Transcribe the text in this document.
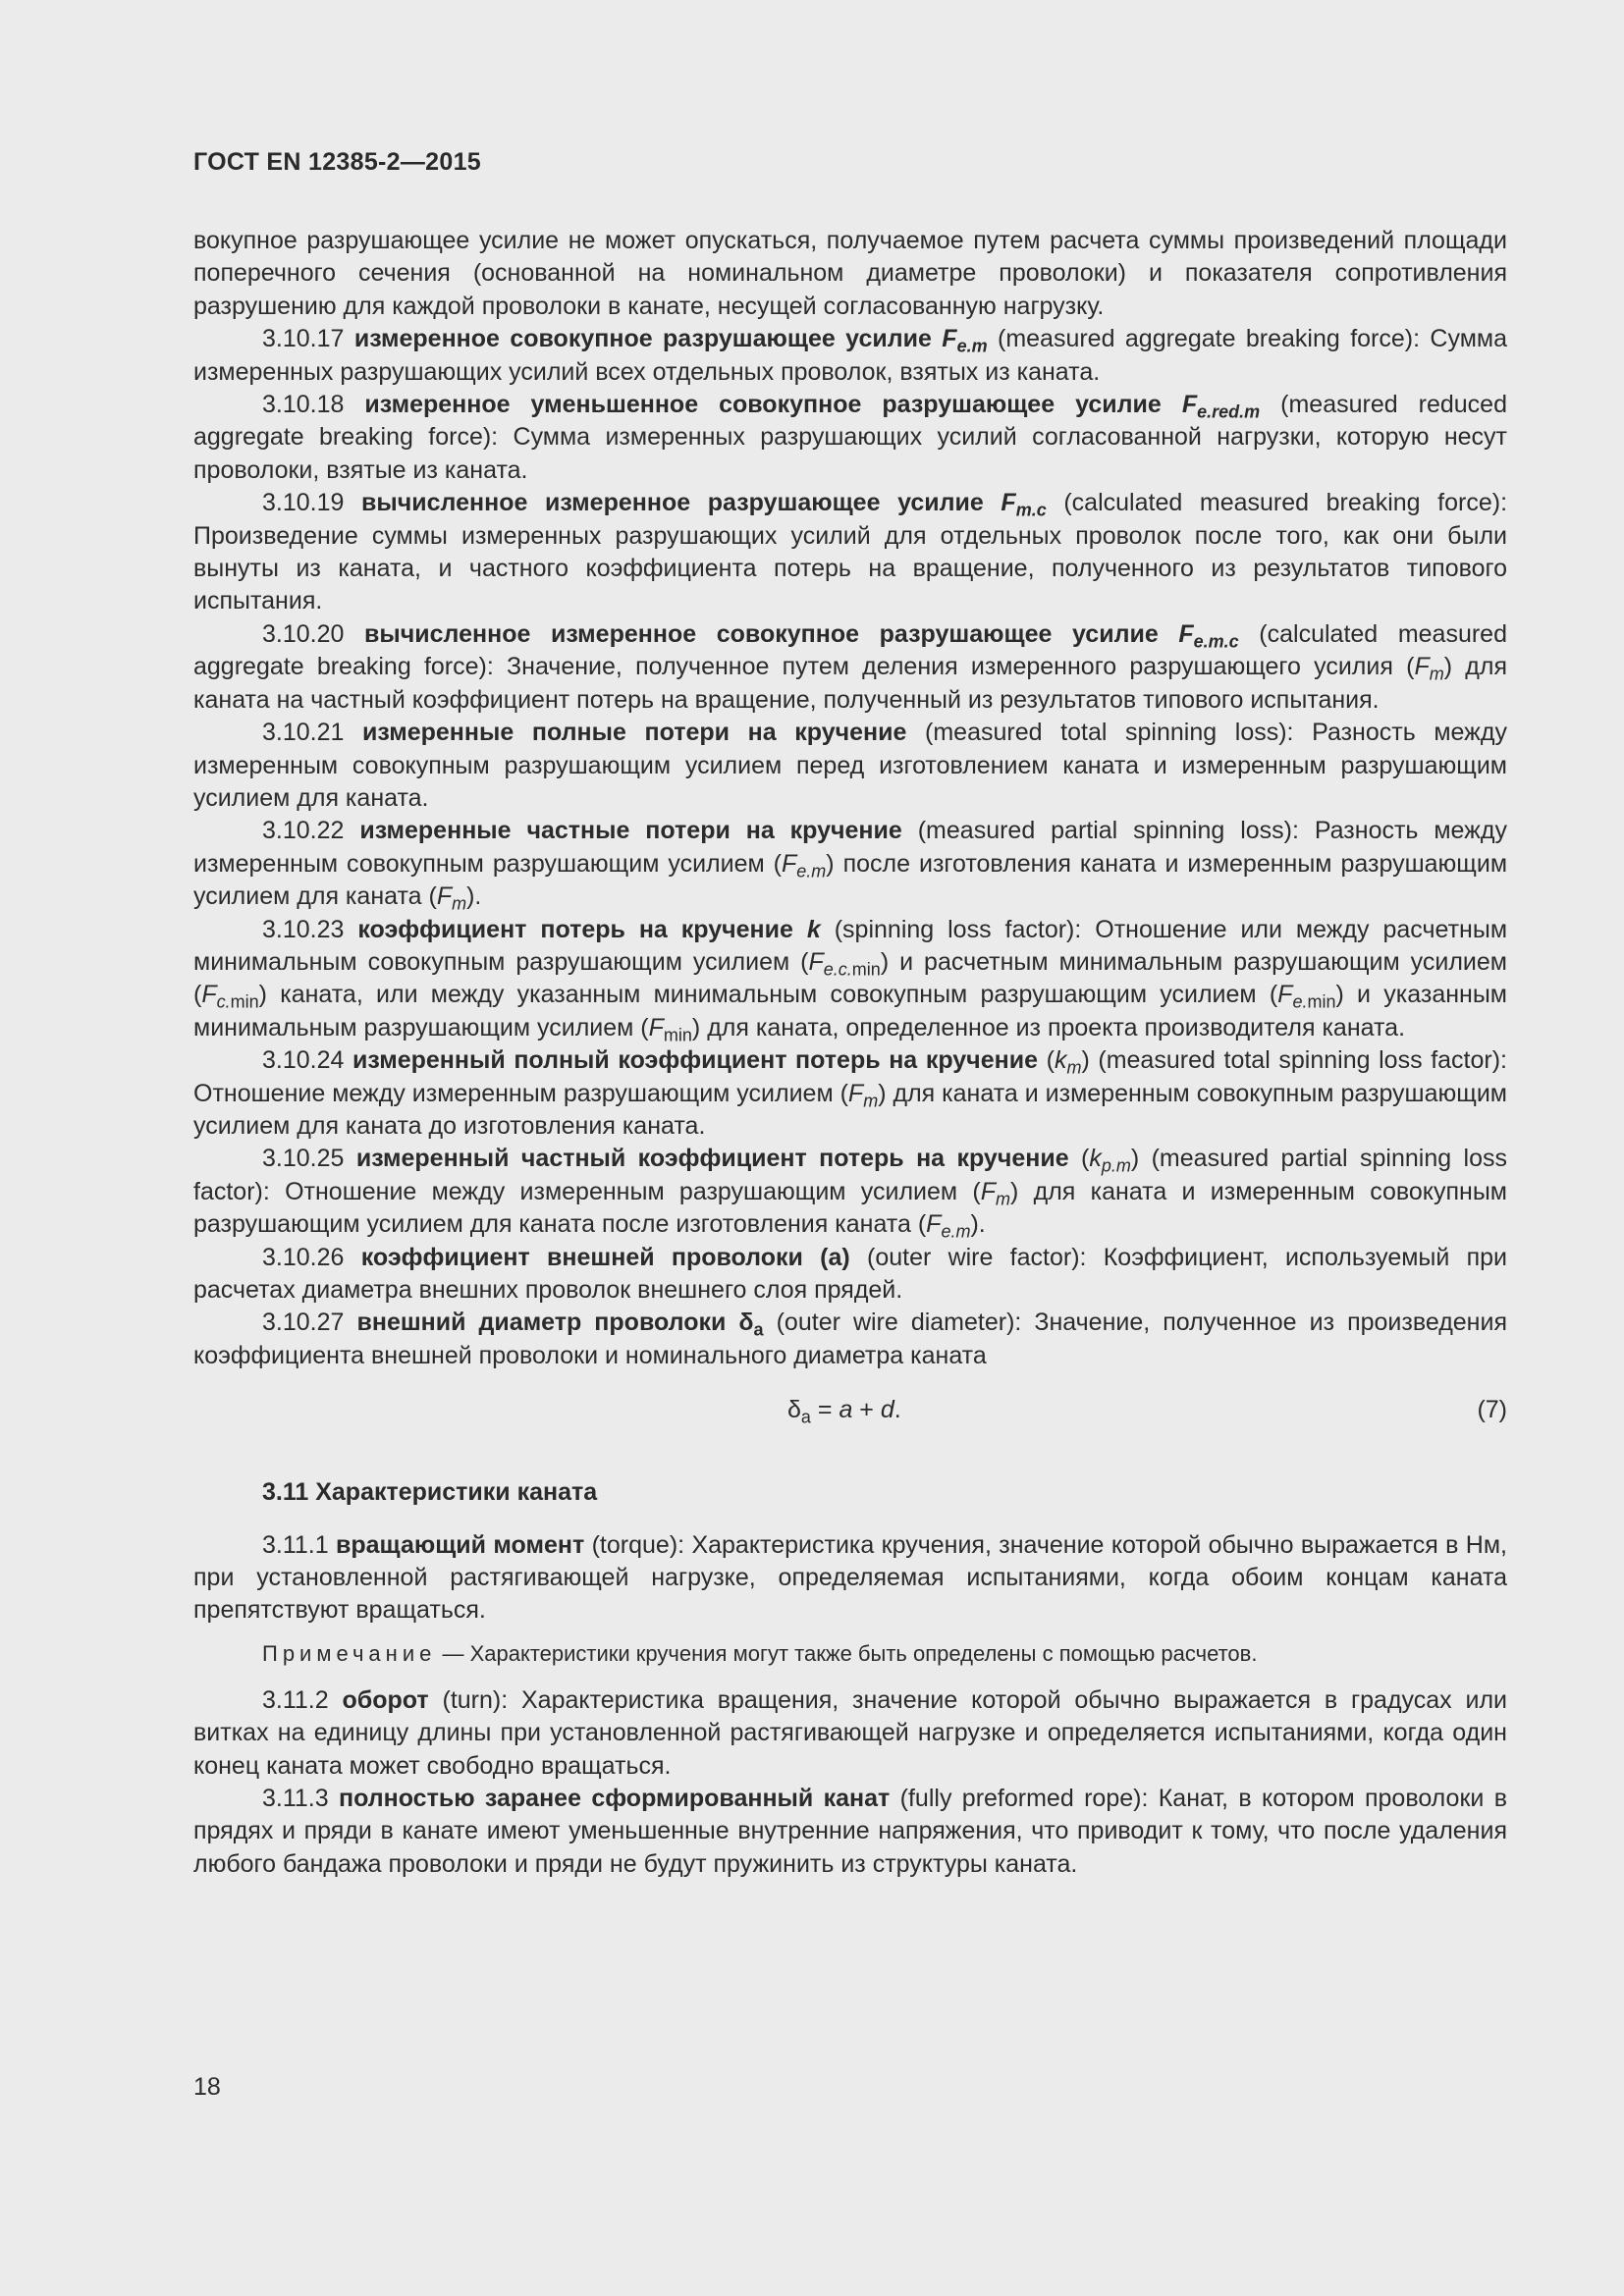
ГОСТ EN 12385-2—2015

вокупное разрушающее усилие не может опускаться, получаемое путем расчета суммы произведений площади поперечного сечения (основанной на номинальном диаметре проволоки) и показателя сопротивления разрушению для каждой проволоки в канате, несущей согласованную нагрузку.

3.10.17 измеренное совокупное разрушающее усилие $F_{e.m}$ (measured aggregate breaking force): Сумма измеренных разрушающих усилий всех отдельных проволок, взятых из каната.

3.10.18 измеренное уменьшенное совокупное разрушающее усилие $F_{e.red.m}$ (measured reduced aggregate breaking force): Сумма измеренных разрушающих усилий согласованной нагрузки, которую несут проволоки, взятые из каната.

3.10.19 вычисленное измеренное разрушающее усилие $F_{m.c}$ (calculated measured breaking force): Произведение суммы измеренных разрушающих усилий для отдельных проволок после того, как они были вынуты из каната, и частного коэффициента потерь на вращение, полученного из результатов типового испытания.

3.10.20 вычисленное измеренное совокупное разрушающее усилие $F_{e.m.c}$ (calculated measured aggregate breaking force): Значение, полученное путем деления измеренного разрушающего усилия $(F_m)$ для каната на частный коэффициент потерь на вращение, полученный из результатов типового испытания.

3.10.21 измеренные полные потери на кручение (measured total spinning loss): Разность между измеренным совокупным разрушающим усилием перед изготовлением каната и измеренным разрушающим усилием для каната.

3.10.22 измеренные частные потери на кручение (measured partial spinning loss): Разность между измеренным совокупным разрушающим усилием $(F_{e.m})$ после изготовления каната и измеренным разрушающим усилием для каната $(F_m)$.

3.10.23 коэффициент потерь на кручение k (spinning loss factor): Отношение или между расчетным минимальным совокупным разрушающим усилием $(F_{e.c.min})$ и расчетным минимальным разрушающим усилием $(F_{c.min})$ каната, или между указанным минимальным совокупным разрушающим усилием $(F_{e.min})$ и указанным минимальным разрушающим усилием $(F_{min})$ для каната, определенное из проекта производителя каната.

3.10.24 измеренный полный коэффициент потерь на кручение $(k_m)$ (measured total spinning loss factor): Отношение между измеренным разрушающим усилием $(F_m)$ для каната и измеренным совокупным разрушающим усилием для каната до изготовления каната.

3.10.25 измеренный частный коэффициент потерь на кручение $(k_{p.m})$ (measured partial spinning loss factor): Отношение между измеренным разрушающим усилием $(F_m)$ для каната и измеренным совокупным разрушающим усилием для каната после изготовления каната $(F_{e.m})$.

3.10.26 коэффициент внешней проволоки (a) (outer wire factor): Коэффициент, используемый при расчетах диаметра внешних проволок внешнего слоя прядей.

3.10.27 внешний диаметр проволоки $\delta_a$ (outer wire diameter): Значение, полученное из произведения коэффициента внешней проволоки и номинального диаметра каната

$\delta_a = a + d$.	(7)

3.11 Характеристики каната

3.11.1 вращающий момент (torque): Характеристика кручения, значение которой обычно выражается в Нм, при установленной растягивающей нагрузке, определяемая испытаниями, когда обоим концам каната препятствуют вращаться.

Примечание — Характеристики кручения могут также быть определены с помощью расчетов.

3.11.2 оборот (turn): Характеристика вращения, значение которой обычно выражается в градусах или витках на единицу длины при установленной растягивающей нагрузке и определяется испытаниями, когда один конец каната может свободно вращаться.

3.11.3 полностью заранее сформированный канат (fully preformed rope): Канат, в котором проволоки в прядях и пряди в канате имеют уменьшенные внутренние напряжения, что приводит к тому, что после удаления любого бандажа проволоки и пряди не будут пружинить из структуры каната.

18
